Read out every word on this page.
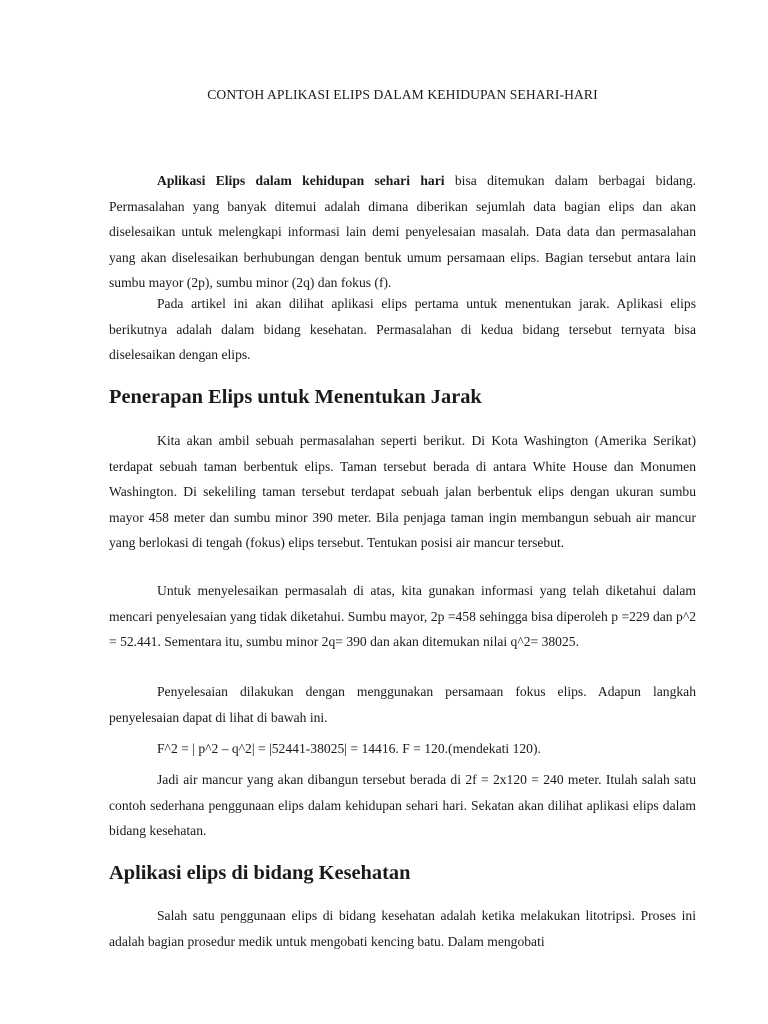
CONTOH APLIKASI ELIPS DALAM KEHIDUPAN SEHARI-HARI

Aplikasi Elips dalam kehidupan sehari hari bisa ditemukan dalam berbagai bidang. Permasalahan yang banyak ditemui adalah dimana diberikan sejumlah data bagian elips dan akan diselesaikan untuk melengkapi informasi lain demi penyelesaian masalah. Data data dan permasalahan yang akan diselesaikan berhubungan dengan bentuk umum persamaan elips. Bagian tersebut antara lain sumbu mayor (2p), sumbu minor (2q) dan fokus (f).

Pada artikel ini akan dilihat aplikasi elips pertama untuk menentukan jarak. Aplikasi elips berikutnya adalah dalam bidang kesehatan. Permasalahan di kedua bidang tersebut ternyata bisa diselesaikan dengan elips.

Penerapan Elips untuk Menentukan Jarak

Kita akan ambil sebuah permasalahan seperti berikut. Di Kota Washington (Amerika Serikat) terdapat sebuah taman berbentuk elips. Taman tersebut berada di antara White House dan Monumen Washington. Di sekeliling taman tersebut terdapat sebuah jalan berbentuk elips dengan ukuran sumbu mayor 458 meter dan sumbu minor 390 meter. Bila penjaga taman ingin membangun sebuah air mancur yang berlokasi di tengah (fokus) elips tersebut. Tentukan posisi air mancur tersebut.

Untuk menyelesaikan permasalah di atas, kita gunakan informasi yang telah diketahui dalam mencari penyelesaian yang tidak diketahui. Sumbu mayor, 2p =458 sehingga bisa diperoleh p =229 dan p^2 = 52.441. Sementara itu, sumbu minor 2q= 390 dan akan ditemukan nilai q^2= 38025.

Penyelesaian dilakukan dengan menggunakan persamaan fokus elips. Adapun langkah penyelesaian dapat di lihat di bawah ini.

F^2 = | p^2 – q^2| = |52441-38025| = 14416. F = 120.(mendekati 120).

Jadi air mancur yang akan dibangun tersebut berada di 2f = 2x120 = 240 meter. Itulah salah satu contoh sederhana penggunaan elips dalam kehidupan sehari hari. Sekatan akan dilihat aplikasi elips dalam bidang kesehatan.

Aplikasi elips di bidang Kesehatan

Salah satu penggunaan elips di bidang kesehatan adalah ketika melakukan litotripsi. Proses ini adalah bagian prosedur medik untuk mengobati kencing batu. Dalam mengobati
